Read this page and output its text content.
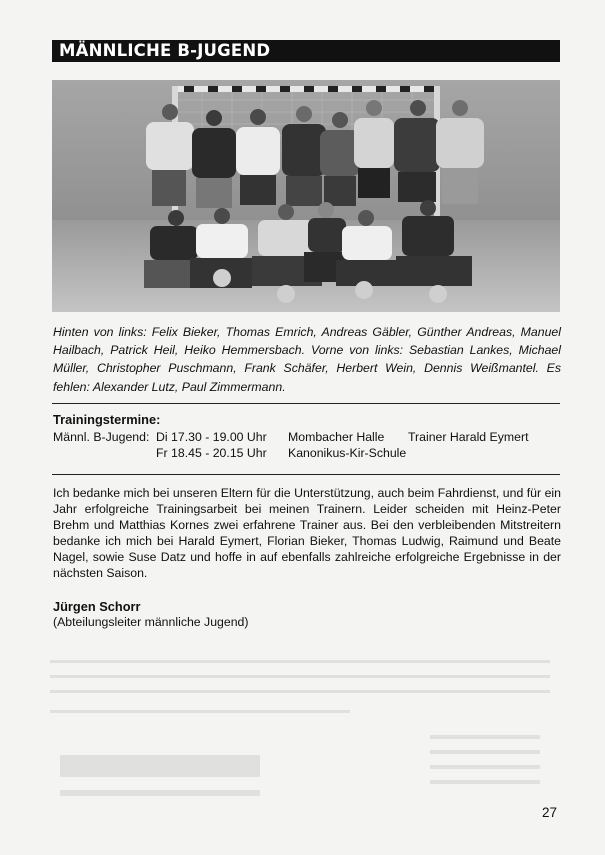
MÄNNLICHE B-JUGEND
Hinten von links: Felix Bieker, Thomas Emrich, Andreas Gäbler, Günther Andreas, Manuel Hailbach, Patrick Heil, Heiko Hemmersbach. Vorne von links: Sebastian Lankes, Michael Müller, Christopher Puschmann, Frank Schäfer, Herbert Wein, Dennis Weißmantel. Es fehlen: Alexander Lutz, Paul Zimmermann.
Trainingstermine:
Männl. B-Jugend: Di 17.30 - 19.00 Uhr Mombacher Halle Trainer Harald Eymert
Fr 18.45 - 20.15 Uhr Kanonikus-Kir-Schule
Ich bedanke mich bei unseren Eltern für die Unterstützung, auch beim Fahrdienst, und für ein Jahr erfolgreiche Trainingsarbeit bei meinen Trainern. Leider scheiden mit Heinz-Peter Brehm und Matthias Kornes zwei erfahrene Trainer aus. Bei den verbleibenden Mitstreitern bedanke ich mich bei Harald Eymert, Florian Bieker, Thomas Ludwig, Raimund und Beate Nagel, sowie Suse Datz und hoffe in auf ebenfalls zahlreiche erfolgreiche Ergebnisse in der nächsten Saison.
Jürgen Schorr
(Abteilungsleiter männliche Jugend)
27
